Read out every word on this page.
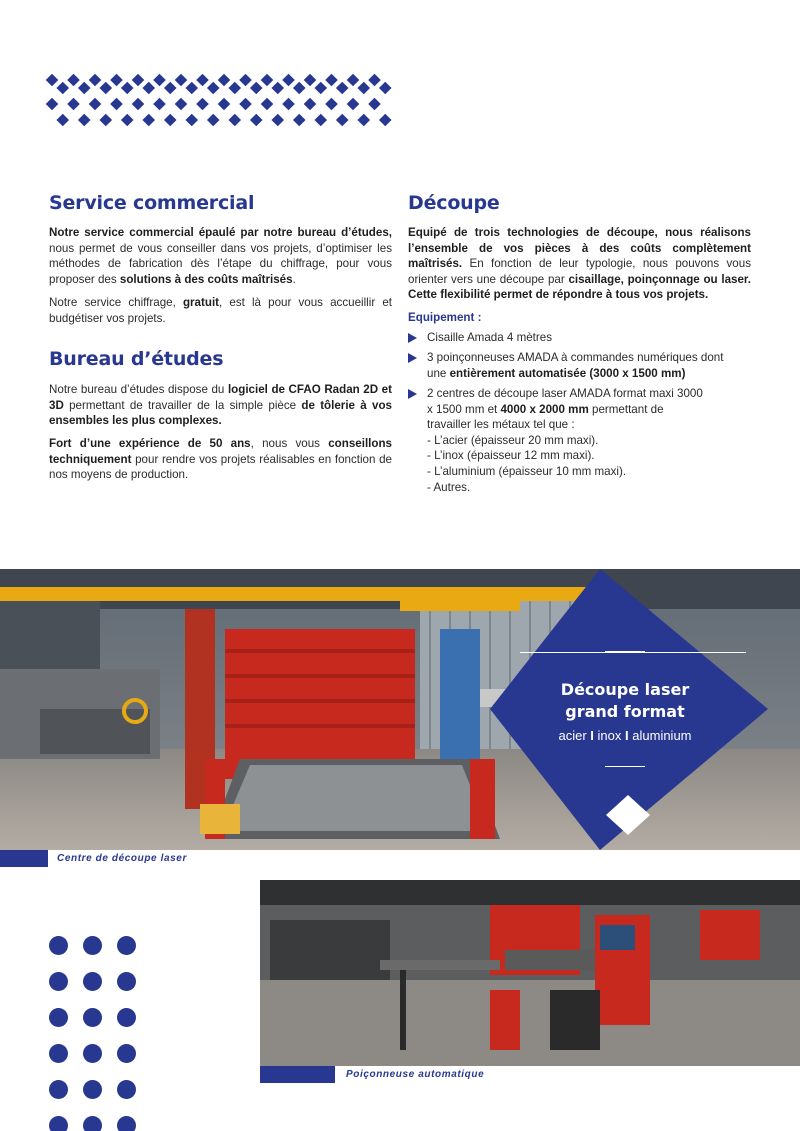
Service commercial

Notre service commercial épaulé par notre bureau d’études, nous permet de vous conseiller dans vos projets, d’optimiser les méthodes de fabrication dès l’étape du chiffrage, pour vous proposer des solutions à des coûts maîtrisés.

Notre service chiffrage, gratuit, est là pour vous accueillir et budgétiser vos projets.

Bureau d’études

Notre bureau d’études dispose du logiciel de CFAO Radan 2D et 3D permettant de travailler de la simple pièce de tôlerie à vos ensembles les plus complexes.

Fort d’une expérience de 50 ans, nous vous conseillons techniquement pour rendre vos projets réalisables en fonction de nos moyens de production.

Découpe

Equipé de trois technologies de découpe, nous réalisons l’ensemble de vos pièces à des coûts complètement maîtrisés. En fonction de leur typologie, nous pouvons vous orienter vers une découpe par cisaillage, poinçonnage ou laser. Cette flexibilité permet de répondre à tous vos projets.

Equipement :
Cisaille Amada 4 mètres
3 poinçonneuses AMADA à commandes numériques dont une entièrement automatisée (3000 x 1500 mm)
2 centres de découpe laser AMADA format maxi 3000 x 1500 mm et 4000 x 2000 mm permettant de travailler les métaux tel que :
- L’acier (épaisseur 20 mm maxi).
- L’inox (épaisseur 12 mm maxi).
- L’aluminium (épaisseur 10 mm maxi).
- Autres.
Découpe laser
grand format
acier I inox I aluminium
Centre de découpe laser
Poiçonneuse automatique
